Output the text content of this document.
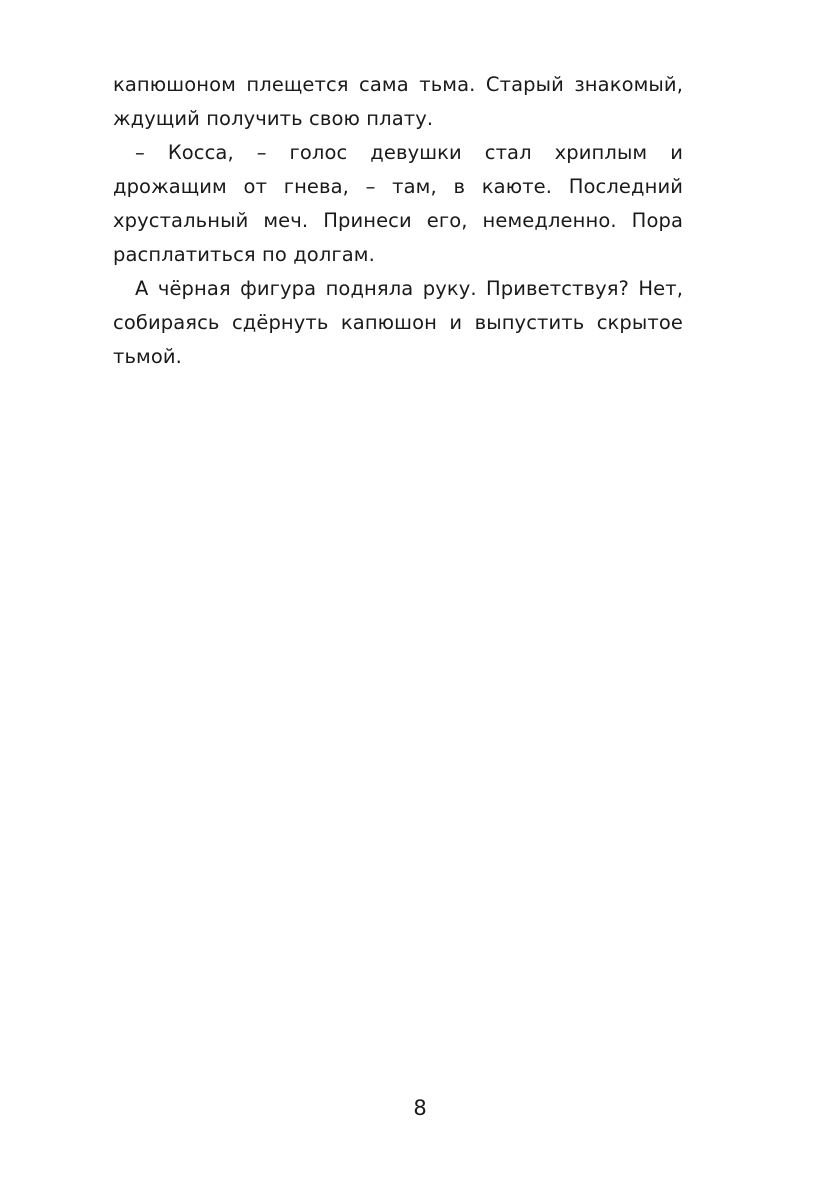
капюшоном плещется сама тьма. Старый знакомый, ждущий получить свою плату.

– Косса, – голос девушки стал хриплым и дрожащим от гнева, – там, в каюте. Последний хрустальный меч. Принеси его, немедленно. Пора расплатиться по долгам.

А чёрная фигура подняла руку. Приветствуя? Нет, собираясь сдёрнуть капюшон и выпустить скрытое тьмой.

8
